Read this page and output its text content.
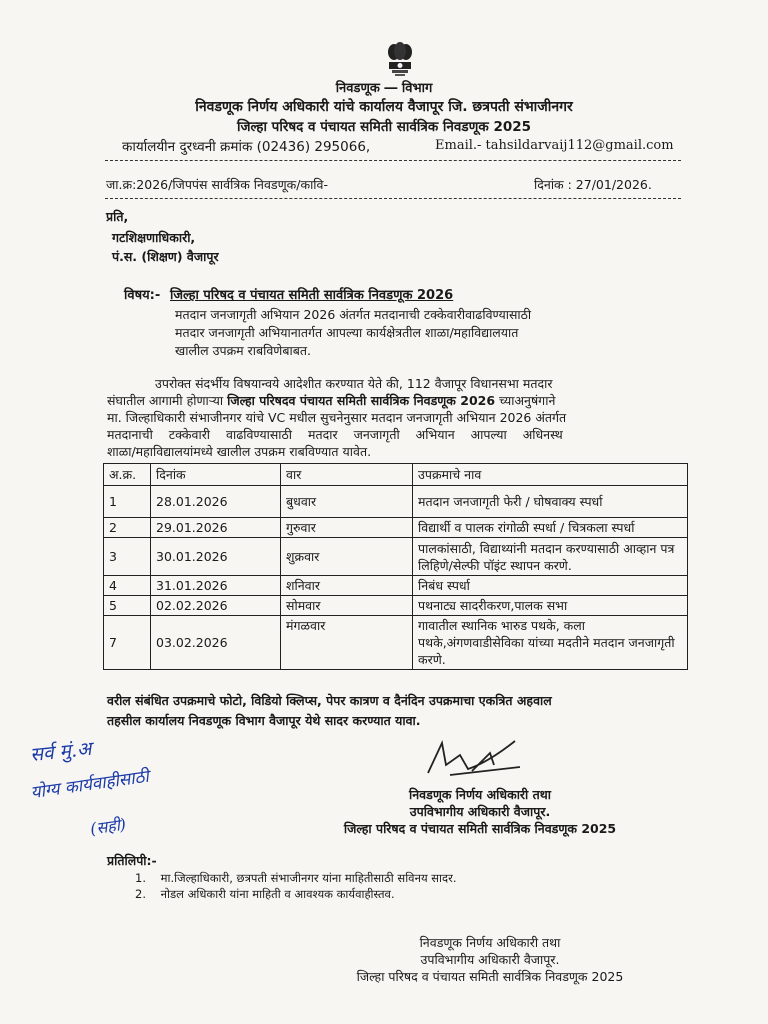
निवडणूक ― विभाग
निवडणूक निर्णय अधिकारी यांचे कार्यालय वैजापूर जि. छत्रपती संभाजीनगर
जिल्हा परिषद व पंचायत समिती सार्वत्रिक निवडणूक 2025
कार्यालयीन दुरध्वनी क्रमांक (02436) 295066,	Email.- tahsildarvaij112@gmail.com
जा.क्र:2026/जिपपंस सार्वत्रिक निवडणूक/कावि-	दिनांक : 27/01/2026.
प्रति,
गटशिक्षणाधिकारी,
पं.स. (शिक्षण) वैजापूर
विषय:- जिल्हा परिषद व पंचायत समिती सार्वत्रिक निवडणूक 2026
मतदान जनजागृती अभियान 2026 अंतर्गत मतदानाची टक्केवारीवाढविण्यासाठी
मतदार जनजागृती अभियानातर्गत आपल्या कार्यक्षेत्रतील शाळा/महाविद्यालयात
खालील उपक्रम राबविणेबाबत.
उपरोक्त संदर्भीय विषयान्वये आदेशीत करण्यात येते की, 112 वैजापूर विधानसभा मतदार
संघातील आगामी होणाऱ्या जिल्हा परिषदव पंचायत समिती सार्वत्रिक निवडणूक 2026 च्याअनुषंगाने
मा. जिल्हाधिकारी संभाजीनगर यांचे VC मधील सुचनेनुसार मतदान जनजागृती अभियान 2026 अंतर्गत
मतदानाची टक्केवारी वाढविण्यासाठी मतदार जनजागृती अभियान आपल्या अधिनस्थ
शाळा/महाविद्यालयांमध्ये खालील उपक्रम राबविण्यात यावेत.
अ.क्र.	दिनांक	वार	उपक्रमाचे नाव
1	28.01.2026	बुधवार	मतदान जनजागृती फेरी / घोषवाक्य स्पर्धा
2	29.01.2026	गुरुवार	विद्यार्थी व पालक रांगोळी स्पर्धा / चित्रकला स्पर्धा
3	30.01.2026	शुक्रवार	पालकांसाठी, विद्याथ्यांनी मतदान करण्यासाठी आव्हान पत्र लिहिणे/सेल्फी पॉइंट स्थापन करणे.
4	31.01.2026	शनिवार	निबंध स्पर्धा
5	02.02.2026	सोमवार	पथनाट्य सादरीकरण,पालक सभा
7	03.02.2026	मंगळवार	गावातील स्थानिक भारुड पथके, कला पथके,अंगणवाडीसेविका यांच्या मदतीने मतदान जनजागृती करणे.
वरील संबंधित उपक्रमाचे फोटो, विडियो क्लिप्स, पेपर कात्रण व दैनंदिन उपक्रमाचा एकत्रित अहवाल
तहसील कार्यालय निवडणूक विभाग वैजापूर येथे सादर करण्यात यावा.
सर्व मुं.अ
योग्य कार्यवाहीसाठी
(सही)
निवडणूक निर्णय अधिकारी तथा
उपविभागीय अधिकारी वैजापूर.
जिल्हा परिषद व पंचायत समिती सार्वत्रिक निवडणूक 2025
प्रतिलिपी:-
1.    मा.जिल्हाधिकारी, छत्रपती संभाजीनगर यांना माहितीसाठी सविनय सादर.
2.    नोडल अधिकारी यांना माहिती व आवश्यक कार्यवाहीस्तव.
निवडणूक निर्णय अधिकारी तथा
उपविभागीय अधिकारी वैजापूर.
जिल्हा परिषद व पंचायत समिती सार्वत्रिक निवडणूक 2025
